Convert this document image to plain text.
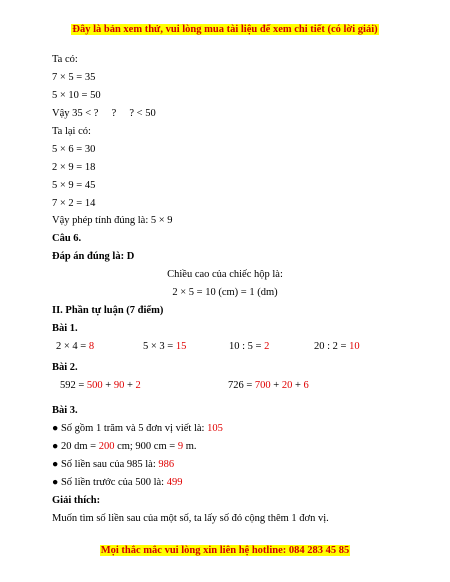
Đây là bản xem thử, vui lòng mua tài liệu để xem chi tiết (có lời giải)
Ta có:
7 × 5 = 35
5 × 10 = 50
Vậy 35 < ?     ?     ? < 50
Ta lại có:
5 × 6 = 30
2 × 9 = 18
5 × 9 = 45
7 × 2 = 14
Vậy phép tính đúng là: 5 × 9
Câu 6.
Đáp án đúng là: D
Chiều cao của chiếc hộp là:
2 × 5 = 10 (cm) = 1 (dm)
II. Phần tự luận (7 điểm)
Bài 1.
2 × 4 = 8	5 × 3 = 15	10 : 5 = 2	20 : 2 = 10
Bài 2.
592 = 500 + 90 + 2	726 = 700 + 20 + 6
Bài 3.
● Số gồm 1 trăm và 5 đơn vị viết là: 105
● 20 dm = 200 cm; 900 cm = 9 m.
● Số liền sau của 985 là: 986
● Số liền trước của 500 là: 499
Giải thích:
Muốn tìm số liền sau của một số, ta lấy số đó cộng thêm 1 đơn vị.
Mọi thắc mắc vui lòng xin liên hệ hotline: 084 283 45 85
